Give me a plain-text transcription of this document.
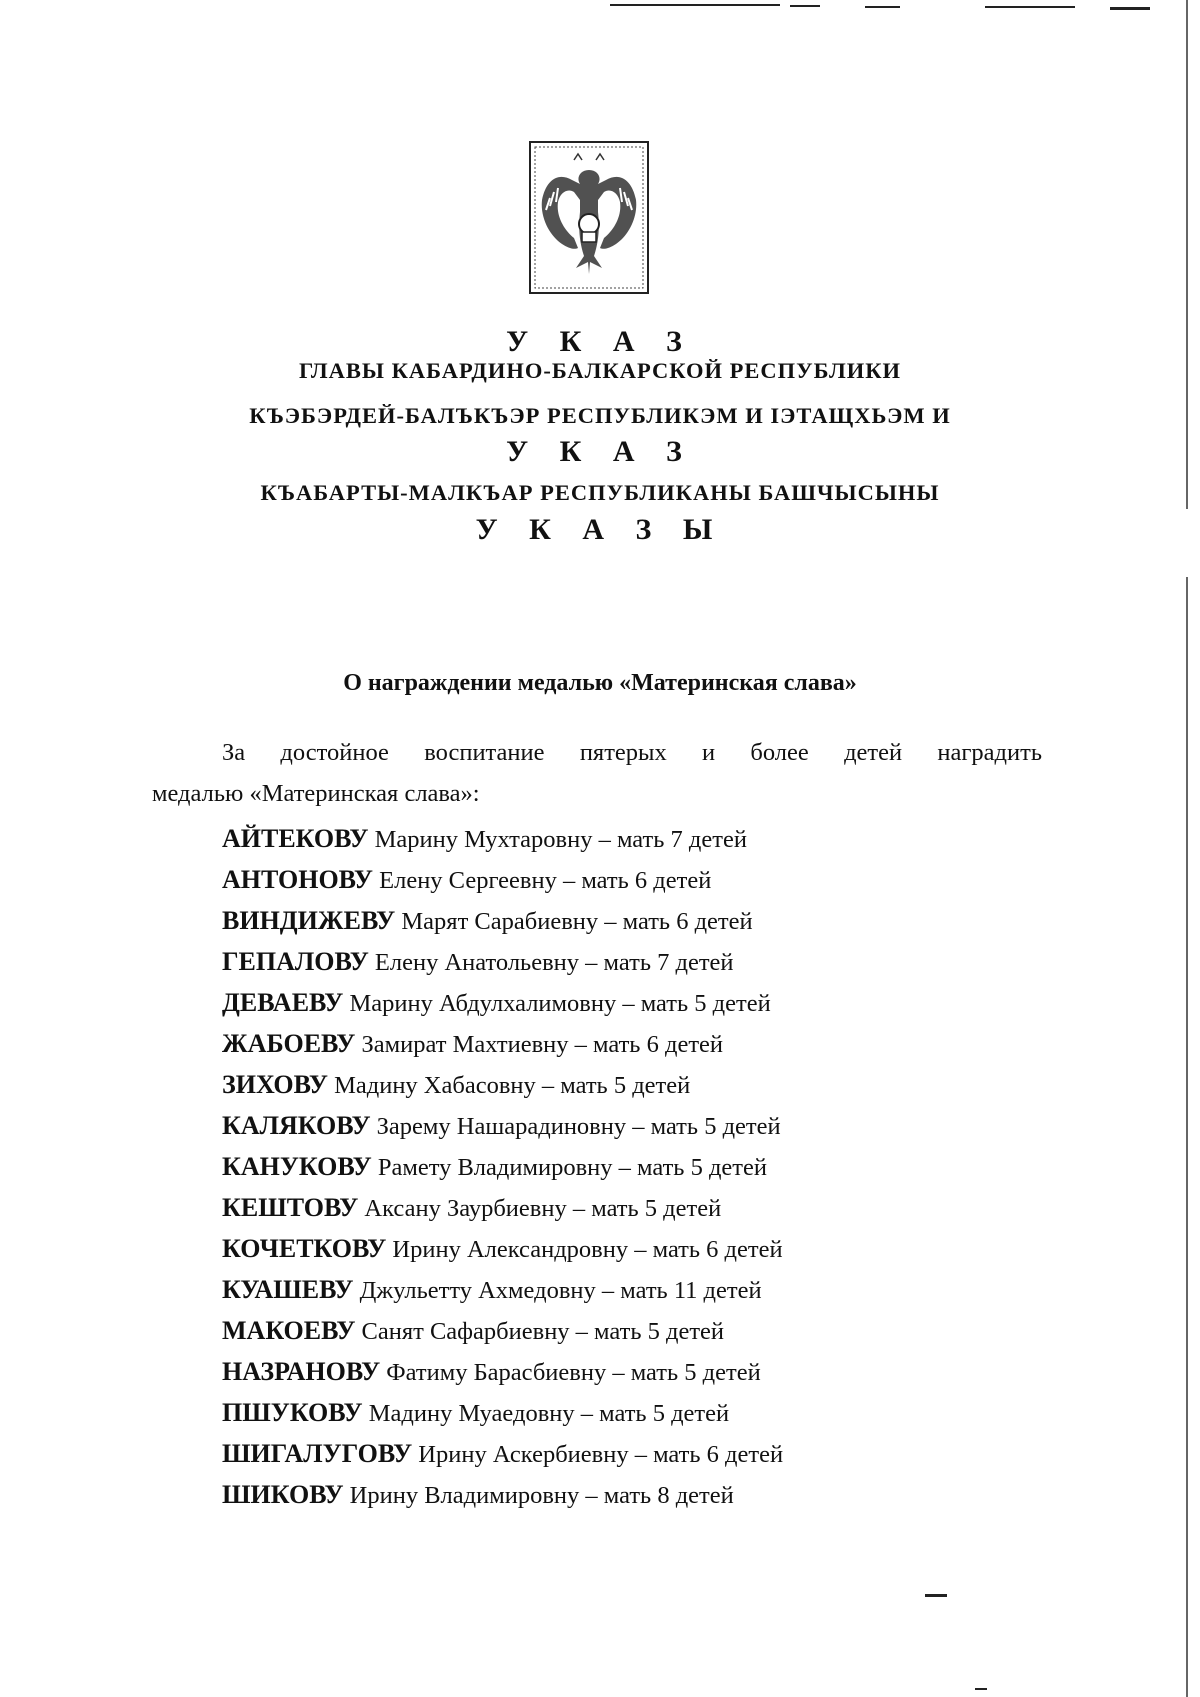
У К А З
ГЛАВЫ КАБАРДИНО-БАЛКАРСКОЙ РЕСПУБЛИКИ
КЪЭБЭРДЕЙ-БАЛЪКЪЭР РЕСПУБЛИКЭМ И IЭТАЩХЬЭМ И
У К А З
КЪАБАРТЫ-МАЛКЪАР РЕСПУБЛИКАНЫ БАШЧЫСЫНЫ
У К А З Ы
О награждении медалью «Материнская слава»
За достойное воспитание пятерых и более детей наградить
медалью «Материнская слава»:
АЙТЕКОВУ Марину Мухтаровну – мать 7 детей
АНТОНОВУ Елену Сергеевну – мать 6 детей
ВИНДИЖЕВУ Марят Сарабиевну – мать 6 детей
ГЕПАЛОВУ Елену Анатольевну – мать 7 детей
ДЕВАЕВУ Марину Абдулхалимовну – мать 5 детей
ЖАБОЕВУ Замират Махтиевну – мать 6 детей
ЗИХОВУ Мадину Хабасовну – мать 5 детей
КАЛЯКОВУ Зарему Нашарадиновну – мать 5 детей
КАНУКОВУ Рамету Владимировну – мать 5 детей
КЕШТОВУ Аксану Заурбиевну – мать 5 детей
КОЧЕТКОВУ Ирину Александровну – мать 6 детей
КУАШЕВУ Джульетту Ахмедовну – мать 11 детей
МАКОЕВУ Санят Сафарбиевну – мать 5 детей
НАЗРАНОВУ Фатиму Барасбиевну – мать 5 детей
ПШУКОВУ Мадину Муаедовну – мать 5 детей
ШИГАЛУГОВУ Ирину Аскербиевну – мать 6 детей
ШИКОВУ Ирину Владимировну – мать 8 детей
